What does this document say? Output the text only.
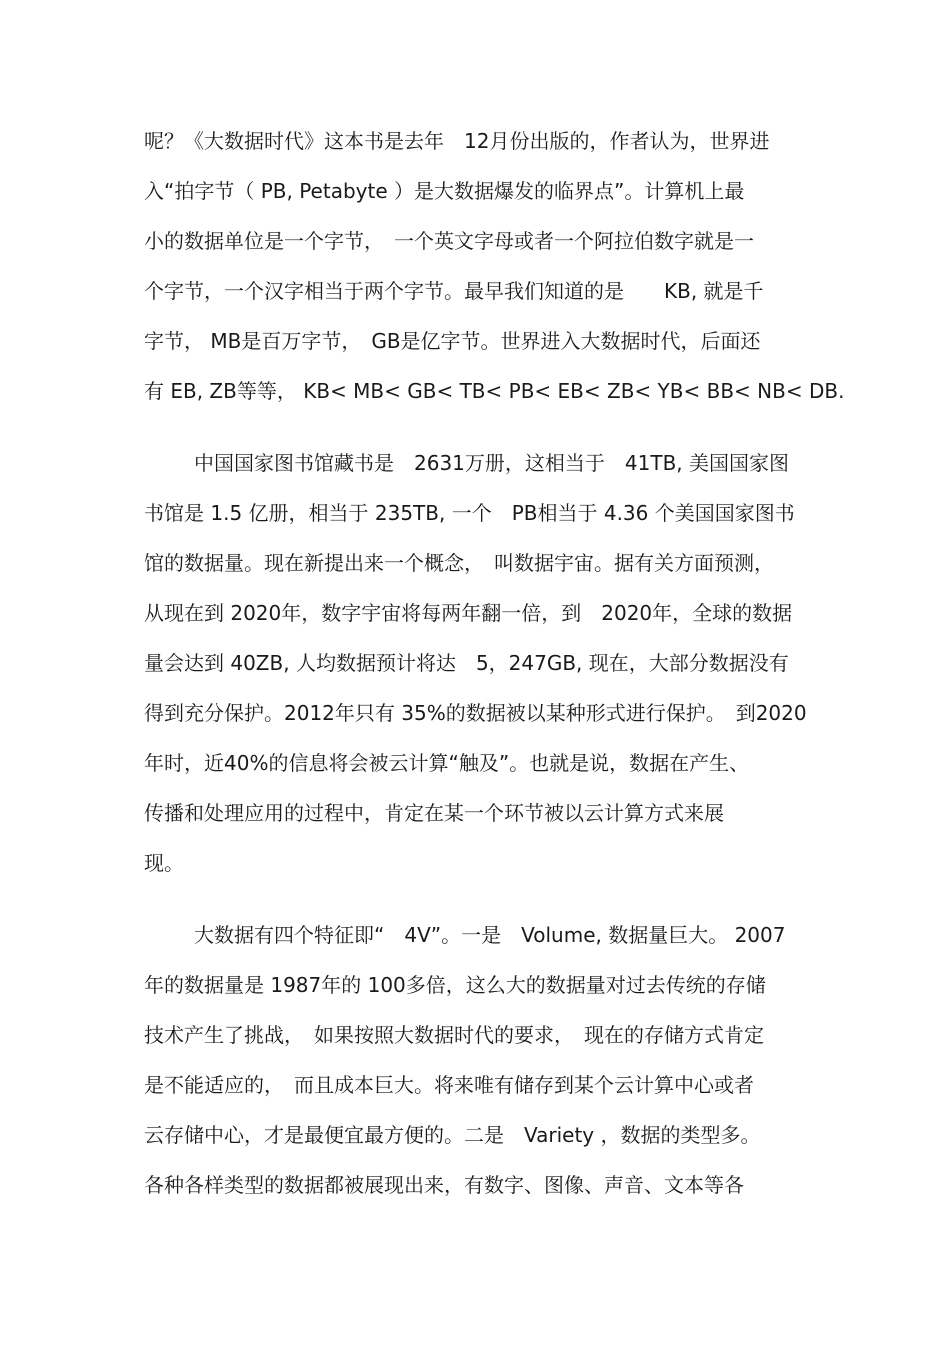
呢？《大数据时代》这本书是去年　12月份出版的，作者认为，世界进
入“拍字节（ PB, Petabyte ）是大数据爆发的临界点”。计算机上最
小的数据单位是一个字节，　一个英文字母或者一个阿拉伯数字就是一
个字节，一个汉字相当于两个字节。最早我们知道的是　　KB, 就是千
字节， MB是百万字节，　GB是亿字节。世界进入大数据时代，后面还
有 EB, ZB等等， KB< MB< GB< TB< PB< EB< ZB< YB< BB< NB< DB.
中国国家图书馆藏书是　2631万册，这相当于　41TB, 美国国家图
书馆是 1.5 亿册，相当于 235TB, 一个　PB相当于 4.36 个美国国家图书
馆的数据量。现在新提出来一个概念，　叫数据宇宙。据有关方面预测，
从现在到 2020年，数字宇宙将每两年翻一倍，到　2020年，全球的数据
量会达到 40ZB, 人均数据预计将达　5，247GB, 现在，大部分数据没有
得到充分保护。2012年只有 35%的数据被以某种形式进行保护。　到2020
年时，近40%的信息将会被云计算“触及”。也就是说，数据在产生、
传播和处理应用的过程中，肯定在某一个环节被以云计算方式来展
现。
大数据有四个特征即“　4V”。一是　Volume, 数据量巨大。 2007
年的数据量是 1987年的 100多倍，这么大的数据量对过去传统的存储
技术产生了挑战，　如果按照大数据时代的要求，　现在的存储方式肯定
是不能适应的，　而且成本巨大。将来唯有储存到某个云计算中心或者
云存储中心，才是最便宜最方便的。二是　Variety ，数据的类型多。
各种各样类型的数据都被展现出来，有数字、图像、声音、文本等各
